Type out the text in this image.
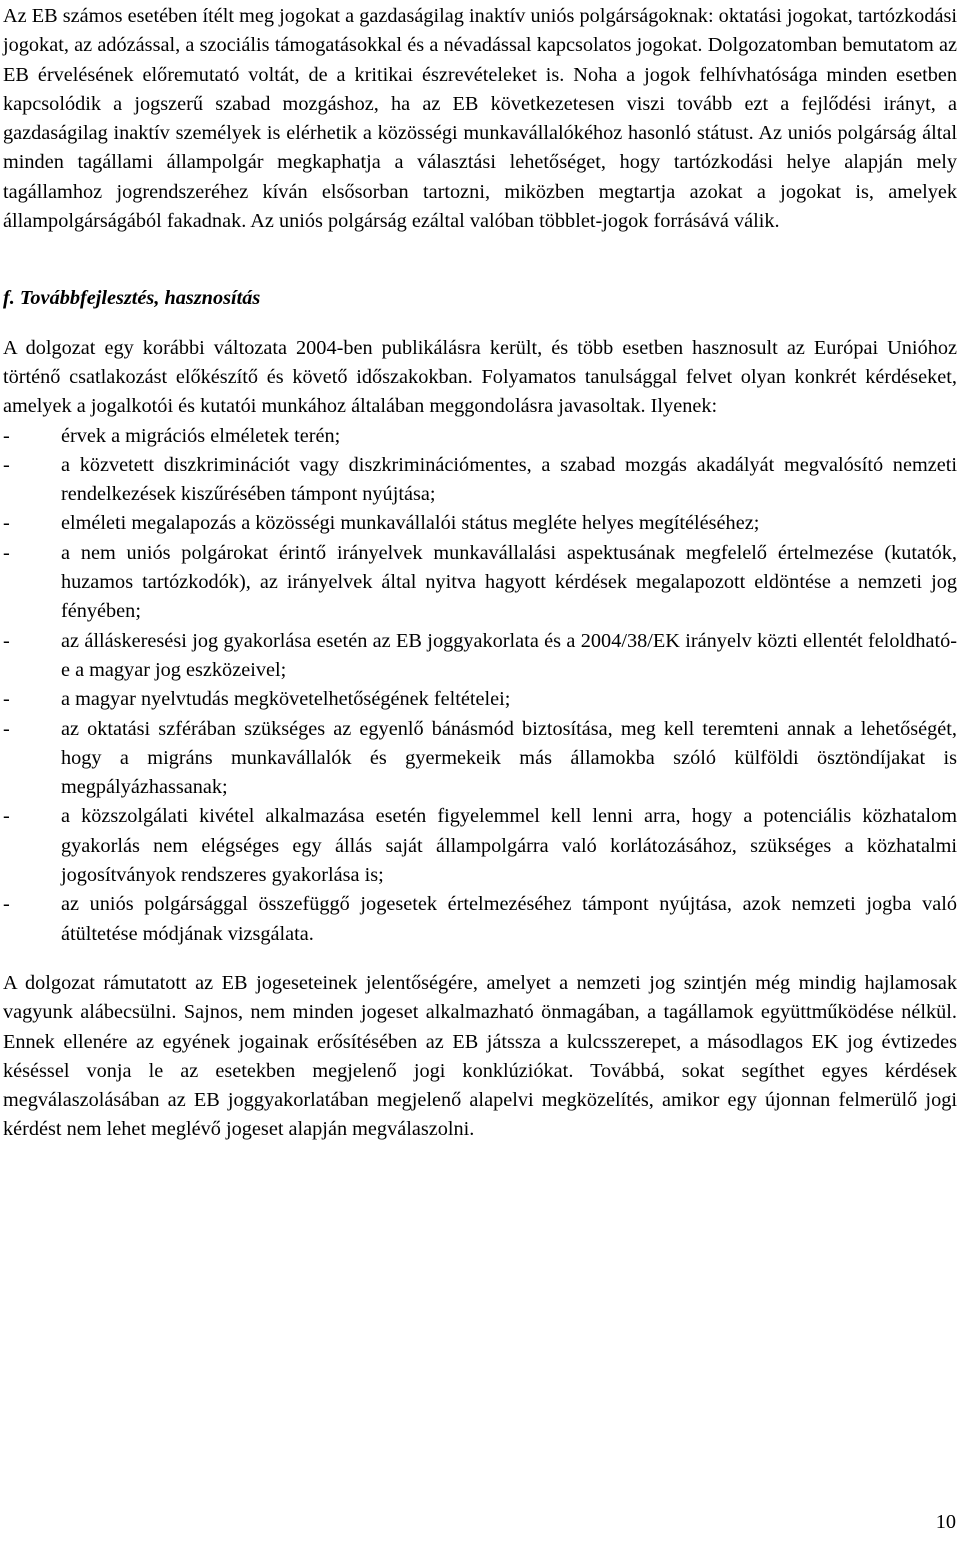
Az EB számos esetében ítélt meg jogokat a gazdaságilag inaktív uniós polgárságoknak: oktatási jogokat, tartózkodási jogokat, az adózással, a szociális támogatásokkal és a névadással kapcsolatos jogokat. Dolgozatomban bemutatom az EB érvelésének előremutató voltát, de a kritikai észrevételeket is. Noha a jogok felhívhatósága minden esetben kapcsolódik a jogszerű szabad mozgáshoz, ha az EB következetesen viszi tovább ezt a fejlődési irányt, a gazdaságilag inaktív személyek is elérhetik a közösségi munkavállalókéhoz hasonló státust. Az uniós polgárság által minden tagállami állampolgár megkaphatja a választási lehetőséget, hogy tartózkodási helye alapján mely tagállamhoz jogrendszeréhez kíván elsősorban tartozni, miközben megtartja azokat a jogokat is, amelyek állampolgárságából fakadnak. Az uniós polgárság ezáltal valóban többlet-jogok forrásává válik.

f. Továbbfejlesztés, hasznosítás

A dolgozat egy korábbi változata 2004-ben publikálásra került, és több esetben hasznosult az Európai Unióhoz történő csatlakozást előkészítő és követő időszakokban. Folyamatos tanulsággal felvet olyan konkrét kérdéseket, amelyek a jogalkotói és kutatói munkához általában meggondolásra javasoltak. Ilyenek:

-	érvek a migrációs elméletek terén;
-	a közvetett diszkriminációt vagy diszkriminációmentes, a szabad mozgás akadályát megvalósító nemzeti rendelkezések kiszűrésében támpont nyújtása;
-	elméleti megalapozás a közösségi munkavállalói státus megléte helyes megítéléséhez;
-	a nem uniós polgárokat érintő irányelvek munkavállalási aspektusának megfelelő értelmezése (kutatók, huzamos tartózkodók), az irányelvek által nyitva hagyott kérdések megalapozott eldöntése a nemzeti jog fényében;
-	az álláskeresési jog gyakorlása esetén az EB joggyakorlata és a 2004/38/EK irányelv közti ellentét feloldható-e a magyar jog eszközeivel;
-	a magyar nyelvtudás megkövetelhetőségének feltételei;
-	az oktatási szférában szükséges az egyenlő bánásmód biztosítása, meg kell teremteni annak a lehetőségét, hogy a migráns munkavállalók és gyermekeik más államokba szóló külföldi ösztöndíjakat is megpályázhassanak;
-	a közszolgálati kivétel alkalmazása esetén figyelemmel kell lenni arra, hogy a potenciális közhatalom gyakorlás nem elégséges egy állás saját állampolgárra való korlátozásához, szükséges a közhatalmi jogosítványok rendszeres gyakorlása is;
-	az uniós polgársággal összefüggő jogesetek értelmezéséhez támpont nyújtása, azok nemzeti jogba való átültetése módjának vizsgálata.

A dolgozat rámutatott az EB jogeseteinek jelentőségére, amelyet a nemzeti jog szintjén még mindig hajlamosak vagyunk alábecsülni. Sajnos, nem minden jogeset alkalmazható önmagában, a tagállamok együttműködése nélkül. Ennek ellenére az egyének jogainak erősítésében az EB játssza a kulcsszerepet, a másodlagos EK jog évtizedes késéssel vonja le az esetekben megjelenő jogi konklúziókat. Továbbá, sokat segíthet egyes kérdések megválaszolásában az EB joggyakorlatában megjelenő alapelvi megközelítés, amikor egy újonnan felmerülő jogi kérdést nem lehet meglévő jogeset alapján megválaszolni.

10
